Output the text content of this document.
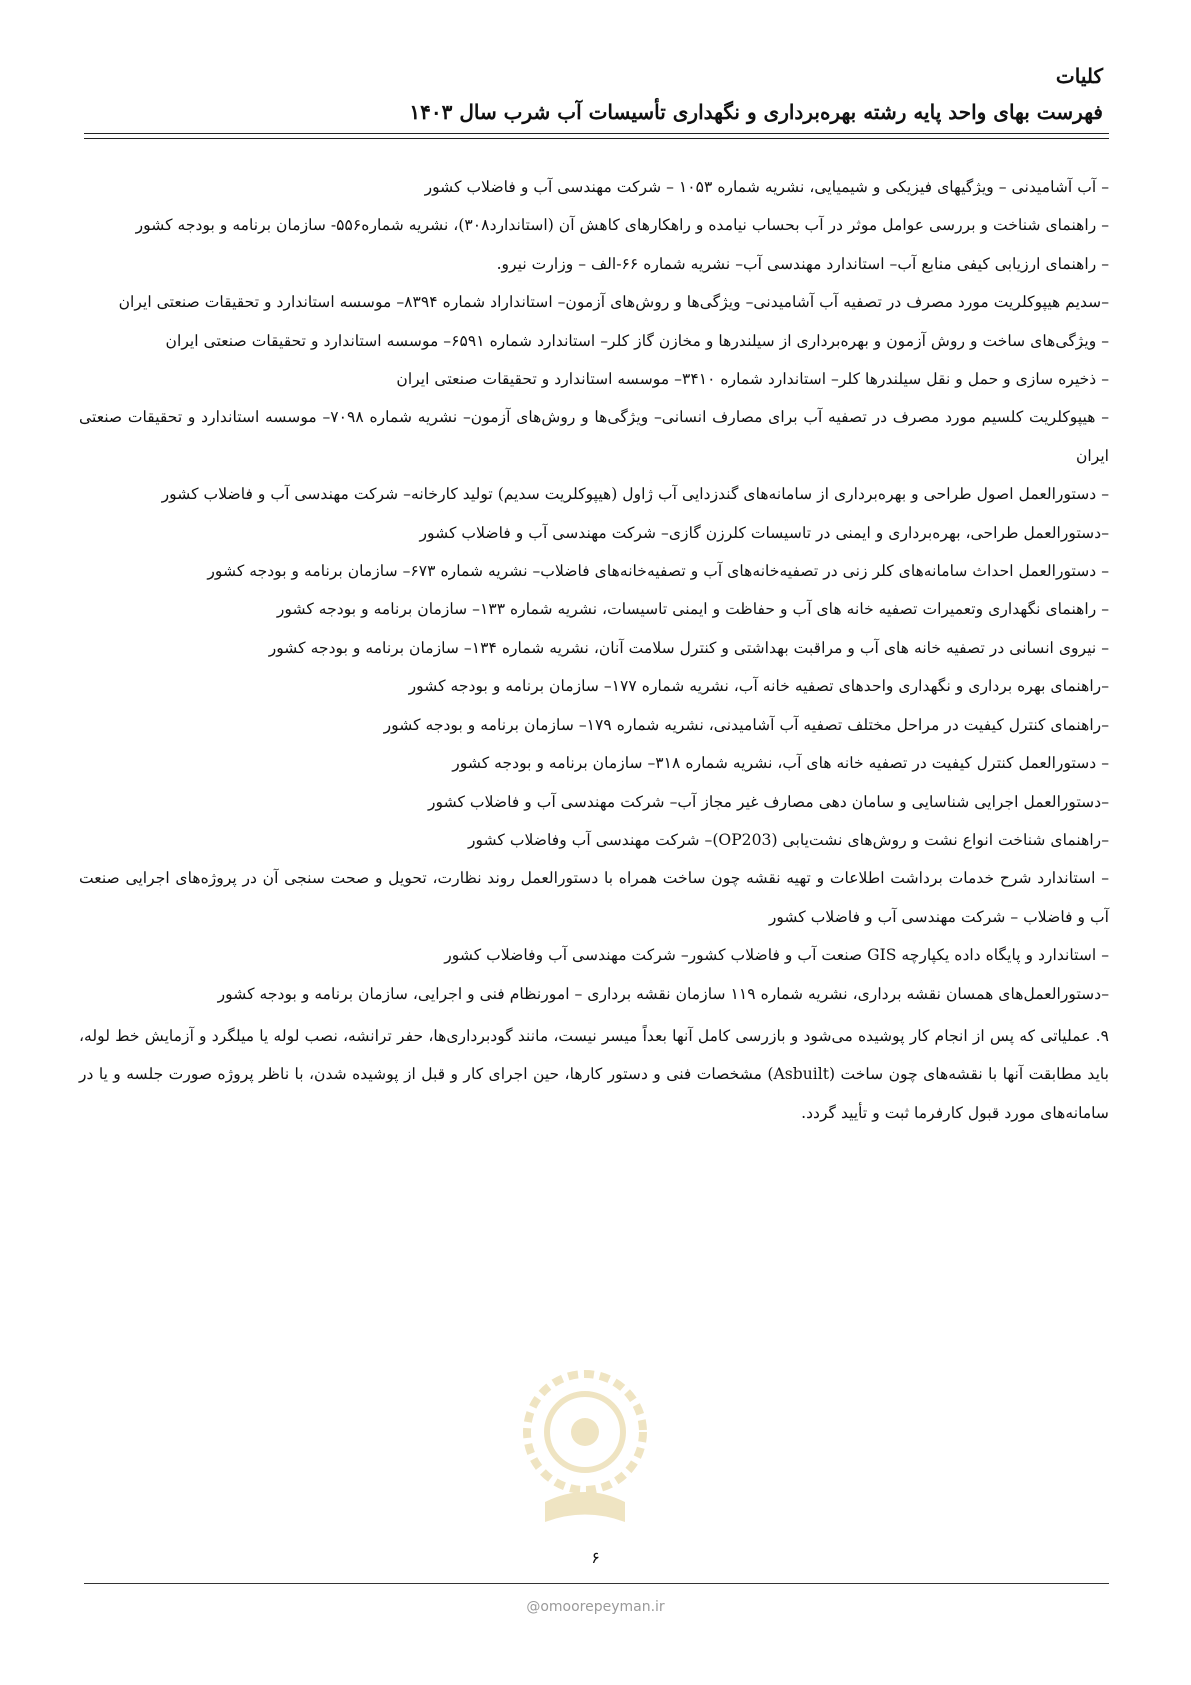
کلیات
فهرست بهای واحد پایه رشته بهره‌برداری و نگهداری تأسیسات آب شرب سال ۱۴۰۳

– آب آشامیدنی – ویژگیهای فیزیکی و شیمیایی، نشریه شماره ۱۰۵۳ – شرکت مهندسی آب و فاضلاب کشور

– راهنمای شناخت و بررسی عوامل موثر در آب بحساب نیامده و راهکارهای کاهش آن (استاندارد۳۰۸)، نشریه شماره۵۵۶- سازمان برنامه و بودجه کشور

– راهنمای ارزیابی کیفی منابع آب– استاندارد مهندسی آب– نشریه شماره ۶۶-الف – وزارت نیرو.

–سدیم هیپوکلریت مورد مصرف در تصفیه آب آشامیدنی– ویژگی‌ها و روش‌های آزمون– استانداراد شماره ۸۳۹۴– موسسه استاندارد و تحقیقات صنعتی ایران

– ویژگی‌های ساخت و روش آزمون و بهره‌برداری از سیلندرها و مخازن گاز کلر– استاندارد شماره ۶۵۹۱– موسسه استاندارد و تحقیقات صنعتی ایران

– ذخیره سازی و حمل و نقل سیلندرها کلر– استاندارد شماره ۳۴۱۰– موسسه استاندارد و تحقیقات صنعتی ایران

– هیپوکلریت کلسیم مورد مصرف در تصفیه آب برای مصارف انسانی– ویژگی‌ها و روش‌های آزمون– نشریه شماره ۷۰۹۸– موسسه استاندارد و تحقیقات صنعتی ایران

– دستورالعمل اصول طراحی و بهره‌برداری از سامانه‌های گندزدایی آب ژاول (هیپوکلریت سدیم) تولید کارخانه– شرکت مهندسی آب و فاضلاب کشور

–دستورالعمل طراحی، بهره‌برداری و ایمنی در تاسیسات کلرزن گازی– شرکت مهندسی آب و فاضلاب کشور

– دستورالعمل احداث سامانه‌های کلر زنی در تصفیه‌خانه‌های آب و تصفیه‌خانه‌های فاضلاب– نشریه شماره ۶۷۳– سازمان برنامه و بودجه کشور

– راهنمای نگهداری وتعمیرات تصفیه خانه های آب و حفاظت و ایمنی تاسیسات، نشریه شماره ۱۳۳– سازمان برنامه و بودجه کشور

– نیروی انسانی در تصفیه خانه های آب و مراقبت بهداشتی و کنترل سلامت آنان، نشریه شماره ۱۳۴– سازمان برنامه و بودجه کشور

–راهنمای بهره برداری و نگهداری واحدهای تصفیه خانه آب، نشریه شماره ۱۷۷– سازمان برنامه و بودجه کشور

–راهنمای کنترل کیفیت در مراحل مختلف تصفیه آب آشامیدنی، نشریه شماره ۱۷۹– سازمان برنامه و بودجه کشور

– دستورالعمل کنترل کیفیت در تصفیه خانه های آب، نشریه شماره ۳۱۸– سازمان برنامه و بودجه کشور

–دستورالعمل اجرایی شناسایی و سامان دهی مصارف غیر مجاز آب– شرکت مهندسی آب و فاضلاب کشور

–راهنمای شناخت انواع نشت و روش‌های نشت‌یابی (OP203)– شرکت مهندسی آب وفاضلاب کشور

– استاندارد شرح خدمات برداشت اطلاعات و تهیه نقشه چون ساخت همراه با دستورالعمل روند نظارت، تحویل و صحت سنجی آن در پروژه‌های اجرایی صنعت آب و فاضلاب – شرکت مهندسی آب و فاضلاب کشور

– استاندارد و پایگاه داده یکپارچه GIS صنعت آب و فاضلاب کشور– شرکت مهندسی آب وفاضلاب کشور

–دستورالعمل‌های همسان نقشه برداری، نشریه شماره ۱۱۹ سازمان نقشه برداری – امورنظام فنی و اجرایی، سازمان برنامه و بودجه کشور

۹. عملیاتی که پس از انجام کار پوشیده می‌شود و بازرسی کامل آنها بعداً میسر نیست، مانند گودبرداری‌ها، حفر ترانشه، نصب لوله یا میلگرد و آزمایش خط لوله، باید مطابقت آنها با نقشه‌های چون ساخت (Asbuilt) مشخصات فنی و دستور کارها، حین اجرای کار و قبل از پوشیده شدن، با ناظر پروژه صورت جلسه و یا در سامانه‌های مورد قبول کارفرما ثبت و تأیید گردد.

۶
@omoorepeyman.ir
